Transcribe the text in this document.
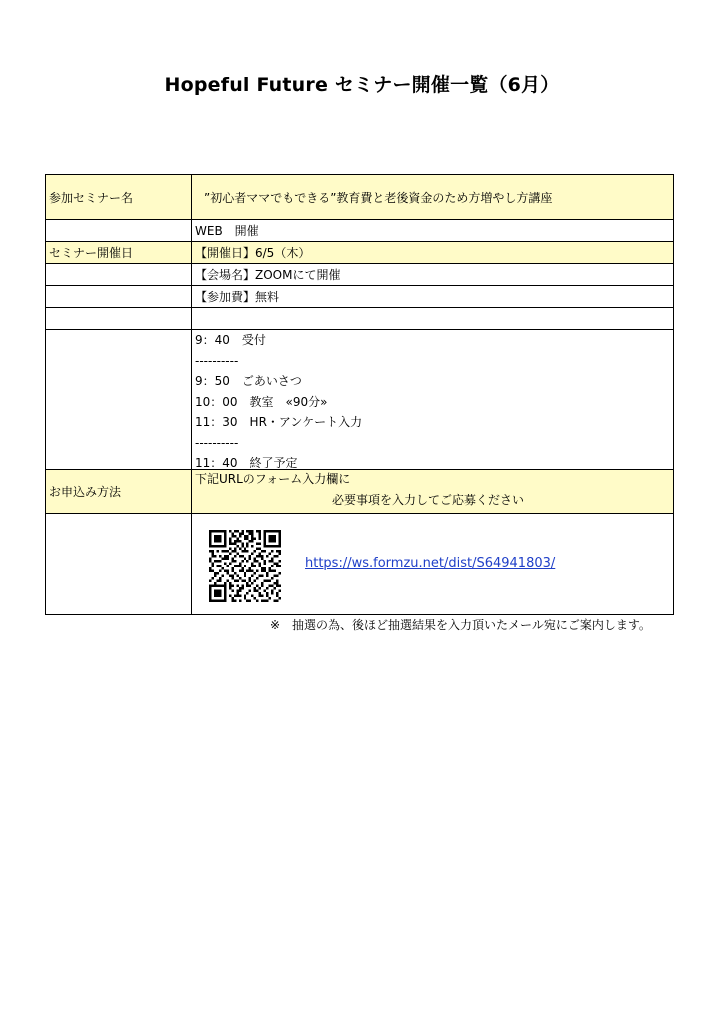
Hopeful Future セミナー開催一覧（6月）
参加セミナー名	”初心者ママでもできる”教育費と老後資金のため方増やし方講座
WEB　開催
セミナー開催日	【開催日】6/5（木）
【会場名】ZOOMにて開催
【参加費】無料
9：40　受付
----------
9：50　ごあいさつ
10：00　教室　«90分»
11：30　HR・アンケート入力
----------
11：40　終了予定
お申込み方法
下記URLのフォーム入力欄に
必要事項を入力してご応募ください
https://ws.formzu.net/dist/S64941803/
※　抽選の為、後ほど抽選結果を入力頂いたメール宛にご案内します。
